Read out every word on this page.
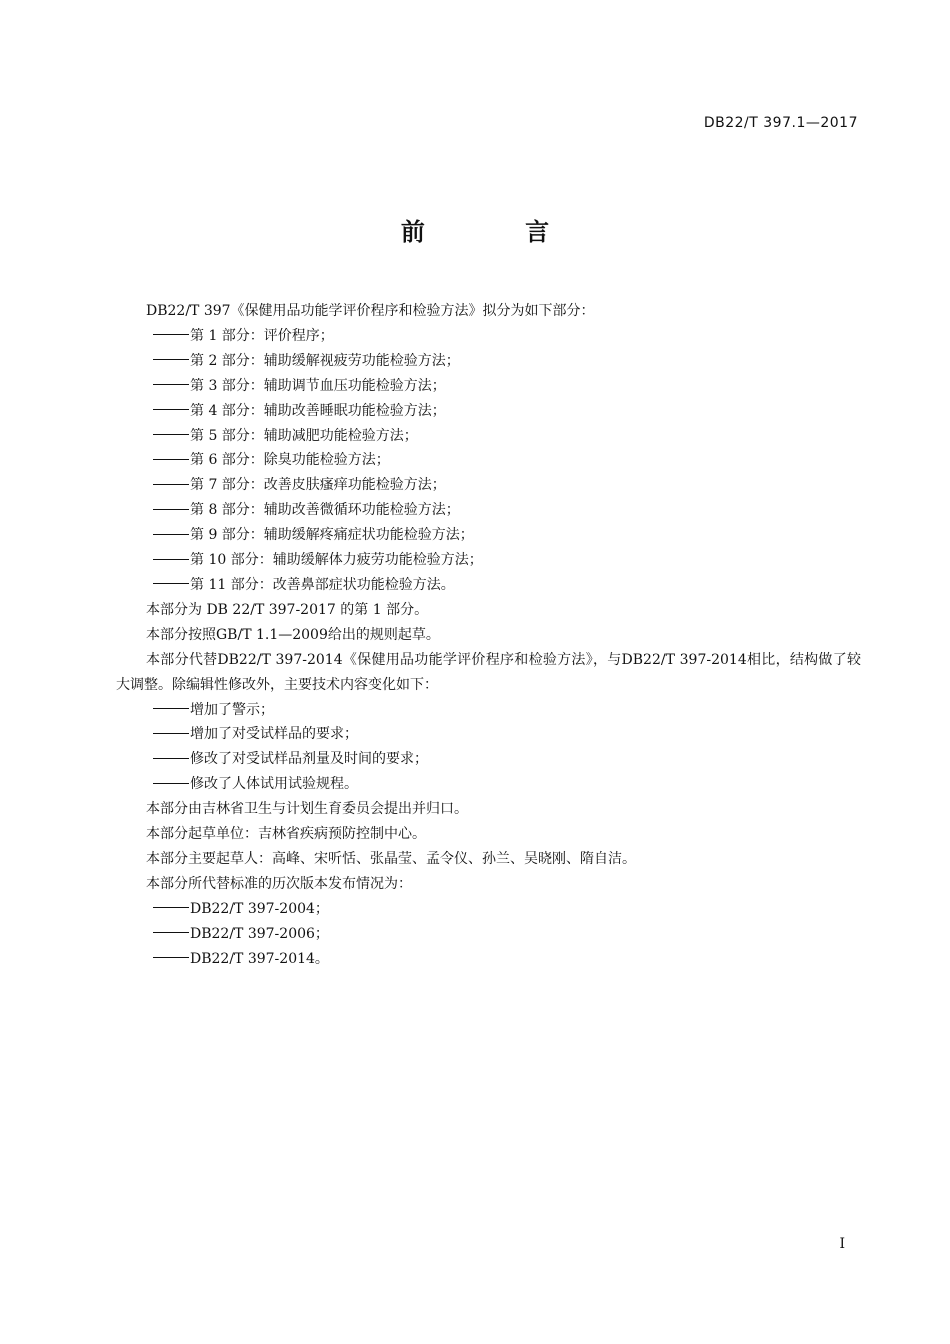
DB22/T 397.1—2017
前 言

DB22/T 397《保健用品功能学评价程序和检验方法》拟分为如下部分：

第 1 部分：评价程序；

第 2 部分：辅助缓解视疲劳功能检验方法；

第 3 部分：辅助调节血压功能检验方法；

第 4 部分：辅助改善睡眠功能检验方法；

第 5 部分：辅助减肥功能检验方法；

第 6 部分：除臭功能检验方法；

第 7 部分：改善皮肤瘙痒功能检验方法；

第 8 部分：辅助改善微循环功能检验方法；

第 9 部分：辅助缓解疼痛症状功能检验方法；

第 10 部分：辅助缓解体力疲劳功能检验方法；

第 11 部分：改善鼻部症状功能检验方法。

本部分为 DB 22/T 397-2017 的第 1 部分。

本部分按照GB/T 1.1—2009给出的规则起草。

本部分代替DB22/T 397-2014《保健用品功能学评价程序和检验方法》，与DB22/T 397-2014相比，结构做了较大调整。除编辑性修改外，主要技术内容变化如下：

增加了警示；

增加了对受试样品的要求；

修改了对受试样品剂量及时间的要求；

修改了人体试用试验规程。

本部分由吉林省卫生与计划生育委员会提出并归口。

本部分起草单位：吉林省疾病预防控制中心。

本部分主要起草人：高峰、宋听恬、张晶莹、孟令仪、孙兰、吴晓刚、隋自洁。

本部分所代替标准的历次版本发布情况为：

DB22/T 397-2004；

DB22/T 397-2006；

DB22/T 397-2014。

I
